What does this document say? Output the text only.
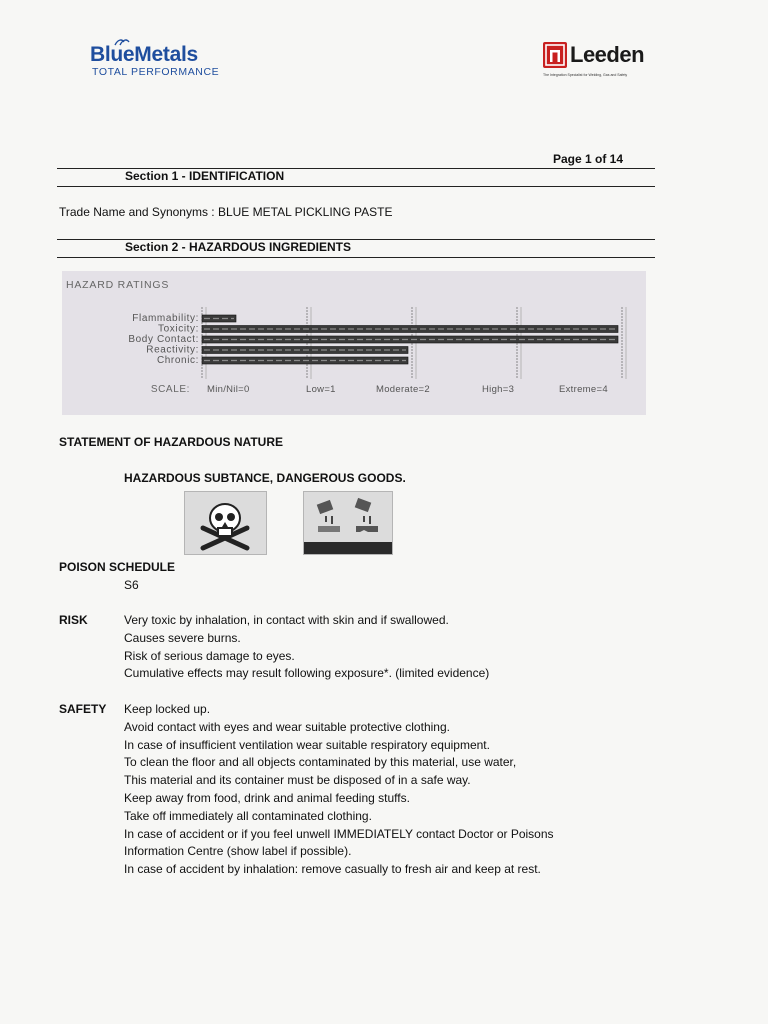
BlueMetals
TOTAL PERFORMANCE
Leeden
The Integration Specialist for Welding, Gas and Safety
Page 1 of 14
Section 1 - IDENTIFICATION
Trade Name and Synonyms : BLUE METAL PICKLING PASTE
Section 2 - HAZARDOUS INGREDIENTS
HAZARD RATINGS
Flammability:
Toxicity:
Body Contact:
Reactivity:
Chronic:
SCALE: Min/Nil=0	Low=1	Moderate=2	High=3	Extreme=4
STATEMENT OF HAZARDOUS NATURE
HAZARDOUS SUBTANCE, DANGEROUS GOODS.
POISON SCHEDULE
S6
RISK	Very toxic by inhalation, in contact with skin and if swallowed.
Causes severe burns.
Risk of serious damage to eyes.
Cumulative effects may result following exposure*. (limited evidence)
SAFETY Keep locked up.
Avoid contact with eyes and wear suitable protective clothing.
In case of insufficient ventilation wear suitable respiratory equipment.
To clean the floor and all objects contaminated by this material, use water,
This material and its container must be disposed of in a safe way.
Keep away from food, drink and animal feeding stuffs.
Take off immediately all contaminated clothing.
In case of accident or if you feel unwell IMMEDIATELY contact Doctor or Poisons
Information Centre (show label if possible).
In case of accident by inhalation: remove casually to fresh air and keep at rest.
